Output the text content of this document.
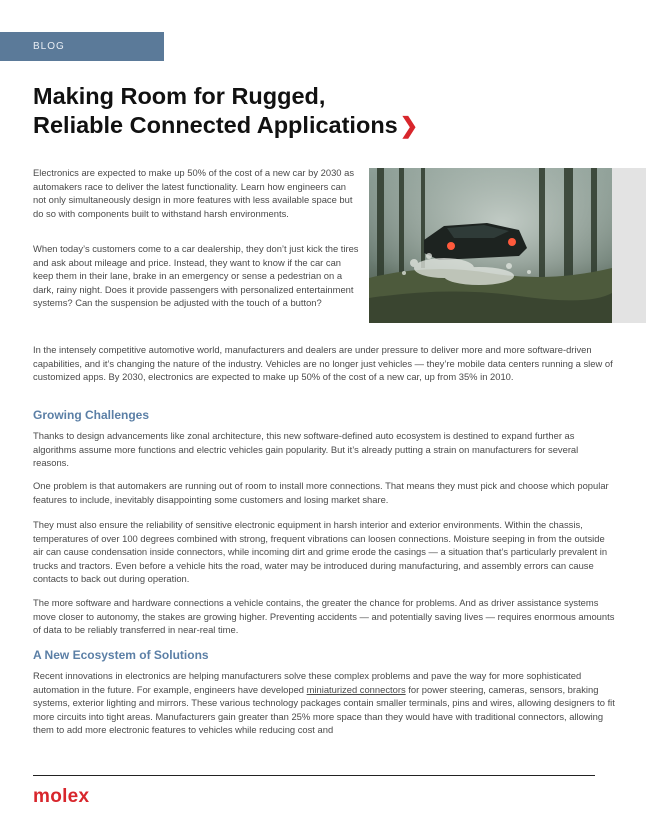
BLOG
Making Room for Rugged,
Reliable Connected Applications❯

Electronics are expected to make up 50% of the cost of a new car by 2030 as automakers race to deliver the latest functionality. Learn how engineers can not only simultaneously design in more features with less available space but do so with components built to withstand harsh environments.

When today’s customers come to a car dealership, they don’t just kick the tires and ask about mileage and price. Instead, they want to know if the car can keep them in their lane, brake in an emergency or sense a pedestrian on a dark, rainy night. Does it provide passengers with personalized entertainment systems? Can the suspension be adjusted with the touch of a button?

In the intensely competitive automotive world, manufacturers and dealers are under pressure to deliver more and more software-driven capabilities, and it’s changing the nature of the industry. Vehicles are no longer just vehicles — they’re mobile data centers running a slew of customized apps. By 2030, electronics are expected to make up 50% of the cost of a new car, up from 35% in 2010.

Growing Challenges

Thanks to design advancements like zonal architecture, this new software-defined auto ecosystem is destined to expand further as algorithms assume more functions and electric vehicles gain popularity. But it’s already putting a strain on manufacturers for several reasons.

One problem is that automakers are running out of room to install more connections. That means they must pick and choose which popular features to include, inevitably disappointing some customers and losing market share.

They must also ensure the reliability of sensitive electronic equipment in harsh interior and exterior environments. Within the chassis, temperatures of over 100 degrees combined with strong, frequent vibrations can loosen connections. Moisture seeping in from the outside air can cause condensation inside connectors, while incoming dirt and grime erode the casings — a situation that’s particularly prevalent in trucks and tractors. Even before a vehicle hits the road, water may be introduced during manufacturing, and assembly errors can cause contacts to back out during operation.

The more software and hardware connections a vehicle contains, the greater the chance for problems. And as driver assistance systems move closer to autonomy, the stakes are growing higher. Preventing accidents — and potentially saving lives — requires enormous amounts of data to be reliably transferred in near-real time.

A New Ecosystem of Solutions

Recent innovations in electronics are helping manufacturers solve these complex problems and pave the way for more sophisticated automation in the future. For example, engineers have developed miniaturized connectors for power steering, cameras, sensors, braking systems, exterior lighting and mirrors. These various technology packages contain smaller terminals, pins and wires, allowing designers to fit more circuits into tight areas. Manufacturers gain greater than 25% more space than they would have with traditional connectors, allowing them to add more electronic features to vehicles while reducing cost and

molex
